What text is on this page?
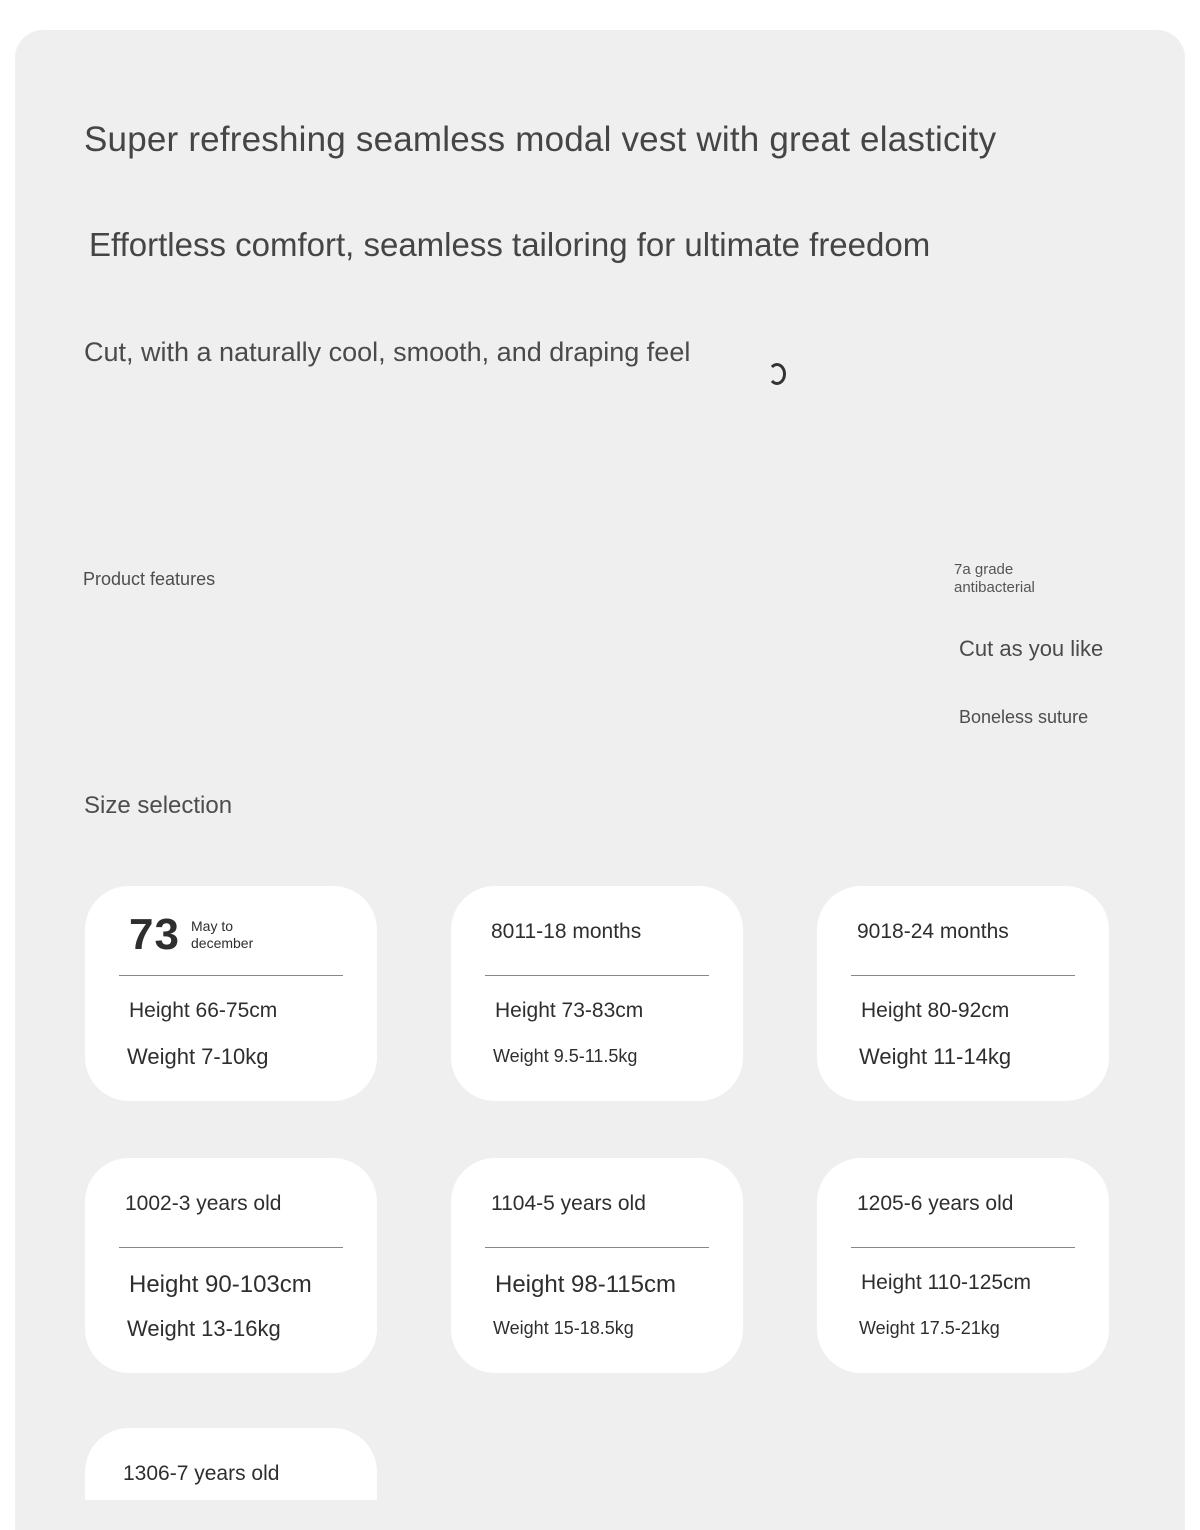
Super refreshing seamless modal vest with great elasticity
Effortless comfort, seamless tailoring for ultimate freedom
Cut, with a naturally cool, smooth, and draping feel
Product features	7a grade antibacterial
Cut as you like
Boneless suture
Size selection
73 May to
december
Height 66-75cm
Weight 7-10kg
8011-18 months
Height 73-83cm
Weight 9.5-11.5kg
9018-24 months
Height 80-92cm
Weight 11-14kg
1002-3 years old
Height 90-103cm
Weight 13-16kg
1104-5 years old
Height 98-115cm
Weight 15-18.5kg
1205-6 years old
Height 110-125cm
Weight 17.5-21kg
1306-7 years old
